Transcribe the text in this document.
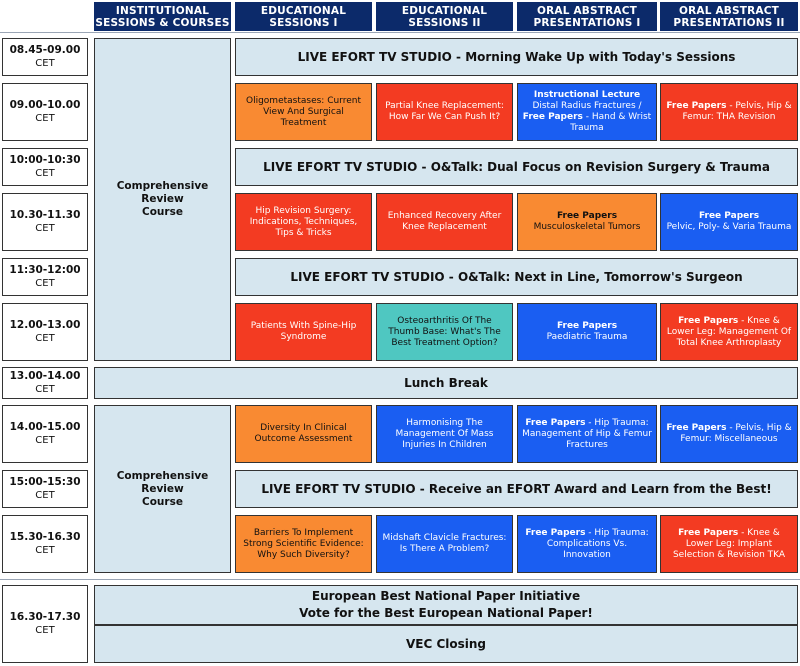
INSTITUTIONAL SESSIONS & COURSES
EDUCATIONAL SESSIONS I
EDUCATIONAL SESSIONS II
ORAL ABSTRACT PRESENTATIONS I
ORAL ABSTRACT PRESENTATIONS II
08.45-09.00
CET
09.00-10.00
CET
10:00-10:30
CET
10.30-11.30
CET
11:30-12:00
CET
12.00-13.00
CET
13.00-14.00
CET
14.00-15.00
CET
15:00-15:30
CET
15.30-16.30
CET
16.30-17.30
CET
Comprehensive
Review
Course
Comprehensive
Review
Course
LIVE EFORT TV STUDIO - Morning Wake Up with Today's Sessions
LIVE EFORT TV STUDIO - O&Talk: Dual Focus on Revision Surgery & Trauma
LIVE EFORT TV STUDIO - O&Talk: Next in Line, Tomorrow's Surgeon
Lunch Break
LIVE EFORT TV STUDIO - Receive an EFORT Award and Learn from the Best!
European Best National Paper Initiative
Vote for the Best European National Paper!
VEC Closing
Oligometastases: Current View And Surgical Treatment
Partial Knee Replacement: How Far We Can Push It?
Instructional Lecture
Distal Radius Fractures / Free Papers - Hand & Wrist Trauma
Free Papers - Pelvis, Hip & Femur: THA Revision
Hip Revision Surgery: Indications, Techniques, Tips & Tricks
Enhanced Recovery After Knee Replacement
Free Papers
Musculoskeletal Tumors
Free Papers
Pelvic, Poly- & Varia Trauma
Patients With Spine-Hip Syndrome
Osteoarthritis Of The Thumb Base: What's The Best Treatment Option?
Free Papers
Paediatric Trauma
Free Papers - Knee & Lower Leg: Management Of Total Knee Arthroplasty
Diversity In Clinical Outcome Assessment
Harmonising The Management Of Mass Injuries In Children
Free Papers - Hip Trauma: Management of Hip & Femur Fractures
Free Papers - Pelvis, Hip & Femur: Miscellaneous
Barriers To Implement Strong Scientific Evidence: Why Such Diversity?
Midshaft Clavicle Fractures: Is There A Problem?
Free Papers - Hip Trauma: Complications Vs. Innovation
Free Papers - Knee & Lower Leg: Implant Selection & Revision TKA
